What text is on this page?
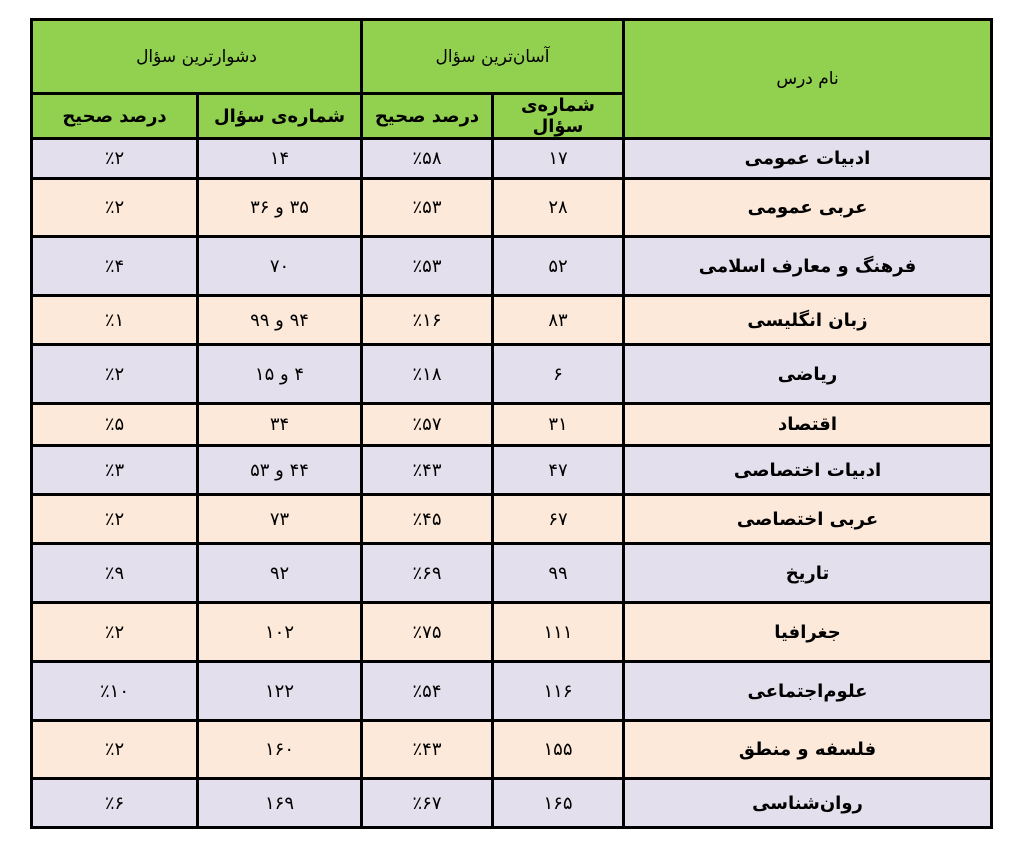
نام درس	آسان‌ترین سؤال		دشوارترین سؤال	
	شماره‌ی سؤال	درصد صحیح	شماره‌ی سؤال	درصد صحیح
ادبیات عمومی	۱۷	٪۵۸	۱۴	٪۲
عربی عمومی	۲۸	٪۵۳	۳۵ و ۳۶	٪۲
فرهنگ و معارف اسلامی	۵۲	٪۵۳	۷۰	٪۴
زبان انگلیسی	۸۳	٪۱۶	۹۴ و ۹۹	٪۱
ریاضی	۶	٪۱۸	۴ و ۱۵	٪۲
اقتصاد	۳۱	٪۵۷	۳۴	٪۵
ادبیات اختصاصی	۴۷	٪۴۳	۴۴ و ۵۳	٪۳
عربی اختصاصی	۶۷	٪۴۵	۷۳	٪۲
تاریخ	۹۹	٪۶۹	۹۲	٪۹
جغرافیا	۱۱۱	٪۷۵	۱۰۲	٪۲
علوم‌اجتماعی	۱۱۶	٪۵۴	۱۲۲	٪۱۰
فلسفه و منطق	۱۵۵	٪۴۳	۱۶۰	٪۲
روان‌شناسی	۱۶۵	٪۶۷	۱۶۹	٪۶
